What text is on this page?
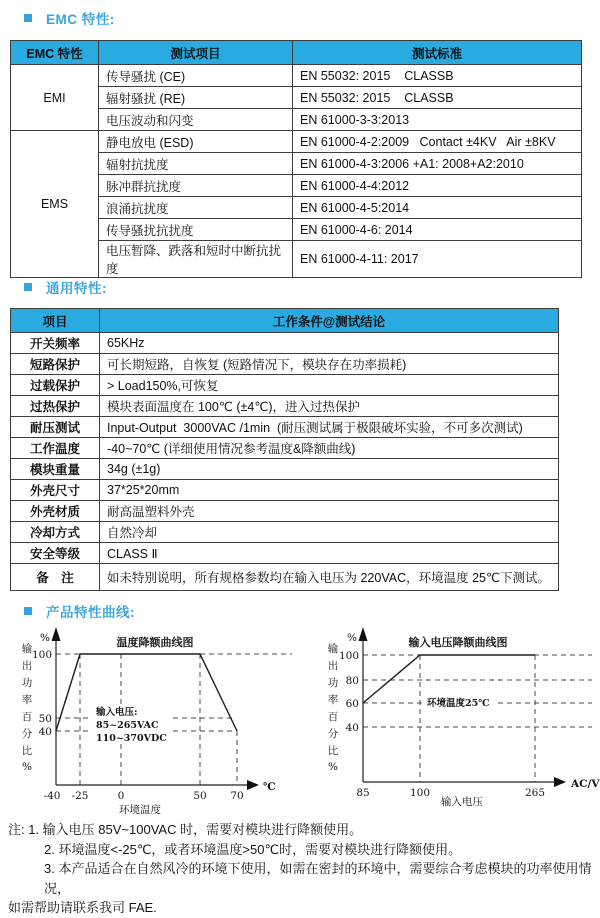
EMC 特性:
EMC 特性	测试项目	测试标准
EMI	传导骚扰 (CE)	EN 55032: 2015    CLASSB
	辐射骚扰 (RE)	EN 55032: 2015    CLASSB
	电压波动和闪变	EN 61000-3-3:2013
EMS	静电放电 (ESD)	EN 61000-4-2:2009   Contact ±4KV   Air ±8KV
	辐射抗扰度	EN 61000-4-3:2006 +A1: 2008+A2:2010
	脉冲群抗扰度	EN 61000-4-4:2012
	浪涌抗扰度	EN 61000-4-5:2014
	传导骚扰抗扰度	EN 61000-4-6: 2014
	电压暂降、跌落和短时中断抗扰度	EN 61000-4-11: 2017
通用特性:
项目	工作条件@测试结论
开关频率	65KHz
短路保护	可长期短路，自恢复 (短路情况下，模块存在功率损耗)
过载保护	> Load150%,可恢复
过热保护	模块表面温度在 100℃ (±4℃)，进入过热保护
耐压测试	Input-Output  3000VAC /1min  (耐压测试属于极限破坏实验，不可多次测试)
工作温度	-40~70℃ (详细使用情况参考温度&降额曲线)
模块重量	34g (±1g)
外壳尺寸	37*25*20mm
外壳材质	耐高温塑料外壳
冷却方式	自然冷却
安全等级	CLASS Ⅱ
备　注	如未特别说明，所有规格参数均在输入电压为 220VAC，环境温度 25℃下测试。
产品特性曲线:
温度降额曲线图
%
℃
100
50
40
-40 -25	0	50 70
环境温度
输
出
功
率
百
分
比
%
输入电压:
85~265VAC
110~370VDC
输入电压降额曲线图
%
AC/V
100
80
60
40
85	100	265
输入电压
输
出
功
率
百
分
比
%
环境温度25℃
注: 1. 输入电压 85V~100VAC 时，需要对模块进行降额使用。
2. 环境温度<-25℃，或者环境温度>50℃时，需要对模块进行降额使用。
3. 本产品适合在自然风冷的环境下使用，如需在密封的环境中，需要综合考虑模块的功率使用情况，
如需帮助请联系我司 FAE.
